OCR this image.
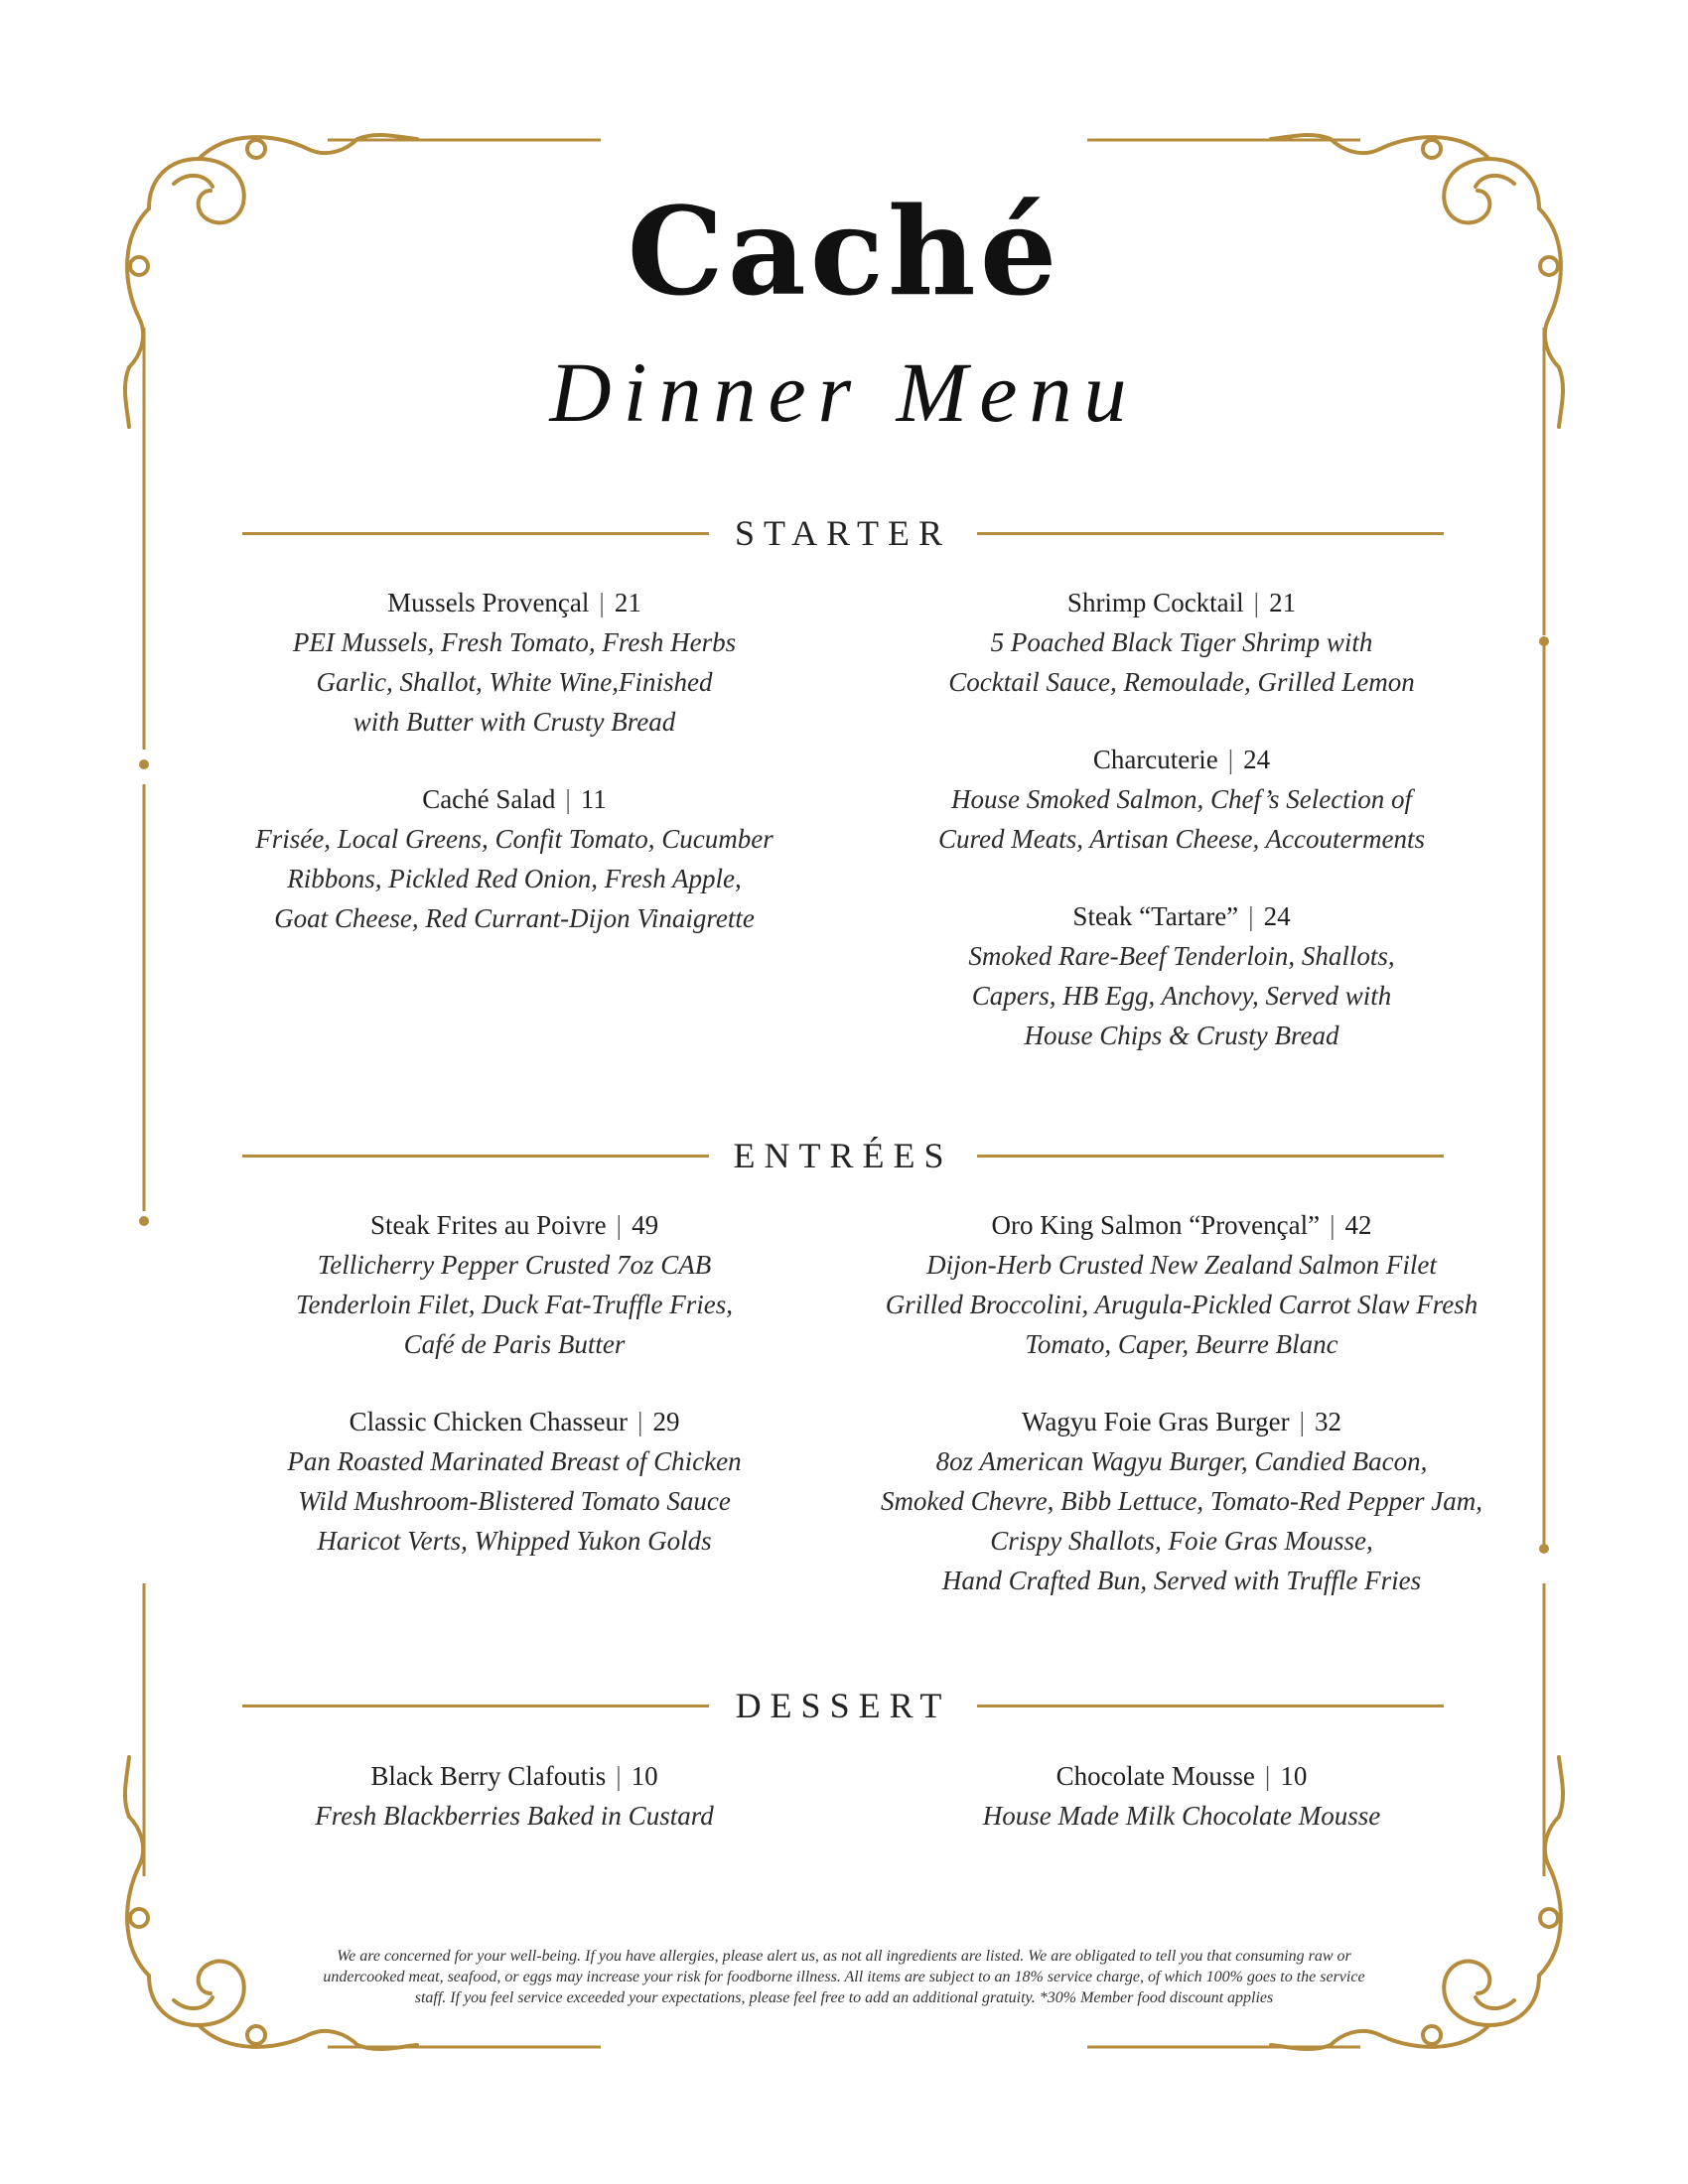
Caché
Dinner Menu
STARTER
Mussels Provençal | 21
PEI Mussels, Fresh Tomato, Fresh Herbs
Garlic, Shallot, White Wine,Finished
with Butter with Crusty Bread
Caché Salad | 11
Frisée, Local Greens, Confit Tomato, Cucumber
Ribbons, Pickled Red Onion, Fresh Apple,
Goat Cheese, Red Currant-Dijon Vinaigrette
Shrimp Cocktail | 21
5 Poached Black Tiger Shrimp with
Cocktail Sauce, Remoulade, Grilled Lemon
Charcuterie | 24
House Smoked Salmon, Chef’s Selection of
Cured Meats, Artisan Cheese, Accouterments
Steak “Tartare” | 24
Smoked Rare-Beef Tenderloin, Shallots,
Capers, HB Egg, Anchovy, Served with
House Chips & Crusty Bread
ENTRÉES
Steak Frites au Poivre | 49
Tellicherry Pepper Crusted 7oz CAB
Tenderloin Filet, Duck Fat-Truffle Fries,
Café de Paris Butter
Classic Chicken Chasseur | 29
Pan Roasted Marinated Breast of Chicken
Wild Mushroom-Blistered Tomato Sauce
Haricot Verts, Whipped Yukon Golds
Oro King Salmon “Provençal” | 42
Dijon-Herb Crusted New Zealand Salmon Filet
Grilled Broccolini, Arugula-Pickled Carrot Slaw Fresh
Tomato, Caper, Beurre Blanc
Wagyu Foie Gras Burger | 32
8oz American Wagyu Burger, Candied Bacon,
Smoked Chevre, Bibb Lettuce, Tomato-Red Pepper Jam,
Crispy Shallots, Foie Gras Mousse,
Hand Crafted Bun, Served with Truffle Fries
DESSERT
Black Berry Clafoutis | 10
Fresh Blackberries Baked in Custard
Chocolate Mousse | 10
House Made Milk Chocolate Mousse
We are concerned for your well-being. If you have allergies, please alert us, as not all ingredients are listed. We are obligated to tell you that consuming raw or
undercooked meat, seafood, or eggs may increase your risk for foodborne illness. All items are subject to an 18% service charge, of which 100% goes to the service
staff. If you feel service exceeded your expectations, please feel free to add an additional gratuity. *30% Member food discount applies
